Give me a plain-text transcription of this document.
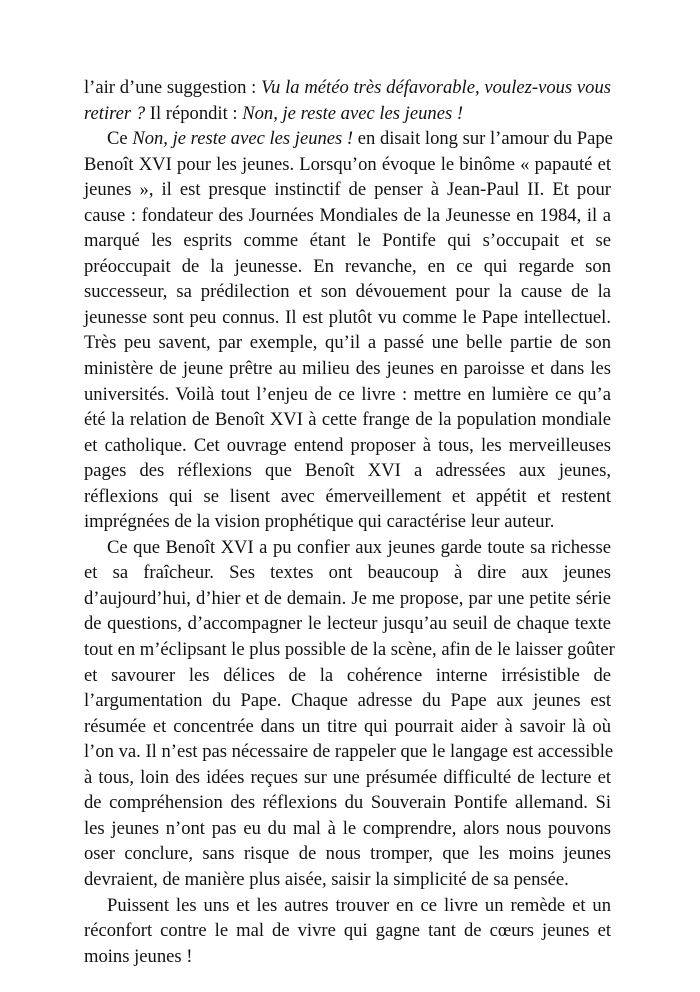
l’air d’une suggestion : Vu la météo très défavorable, voulez-vous vous
retirer ? Il répondit : Non, je reste avec les jeunes !
Ce Non, je reste avec les jeunes ! en disait long sur l’amour du Pape
Benoît XVI pour les jeunes. Lorsqu’on évoque le binôme « papauté et
jeunes », il est presque instinctif de penser à Jean-Paul II. Et pour
cause : fondateur des Journées Mondiales de la Jeunesse en 1984, il a
marqué les esprits comme étant le Pontife qui s’occupait et se
préoccupait de la jeunesse. En revanche, en ce qui regarde son
successeur, sa prédilection et son dévouement pour la cause de la
jeunesse sont peu connus. Il est plutôt vu comme le Pape intellectuel.
Très peu savent, par exemple, qu’il a passé une belle partie de son
ministère de jeune prêtre au milieu des jeunes en paroisse et dans les
universités. Voilà tout l’enjeu de ce livre : mettre en lumière ce qu’a
été la relation de Benoît XVI à cette frange de la population mondiale
et catholique. Cet ouvrage entend proposer à tous, les merveilleuses
pages des réflexions que Benoît XVI a adressées aux jeunes,
réflexions qui se lisent avec émerveillement et appétit et restent
imprégnées de la vision prophétique qui caractérise leur auteur.
Ce que Benoît XVI a pu confier aux jeunes garde toute sa richesse
et sa fraîcheur. Ses textes ont beaucoup à dire aux jeunes
d’aujourd’hui, d’hier et de demain. Je me propose, par une petite série
de questions, d’accompagner le lecteur jusqu’au seuil de chaque texte
tout en m’éclipsant le plus possible de la scène, afin de le laisser goûter
et savourer les délices de la cohérence interne irrésistible de
l’argumentation du Pape. Chaque adresse du Pape aux jeunes est
résumée et concentrée dans un titre qui pourrait aider à savoir là où
l’on va. Il n’est pas nécessaire de rappeler que le langage est accessible
à tous, loin des idées reçues sur une présumée difficulté de lecture et
de compréhension des réflexions du Souverain Pontife allemand. Si
les jeunes n’ont pas eu du mal à le comprendre, alors nous pouvons
oser conclure, sans risque de nous tromper, que les moins jeunes
devraient, de manière plus aisée, saisir la simplicité de sa pensée.
Puissent les uns et les autres trouver en ce livre un remède et un
réconfort contre le mal de vivre qui gagne tant de cœurs jeunes et
moins jeunes !
